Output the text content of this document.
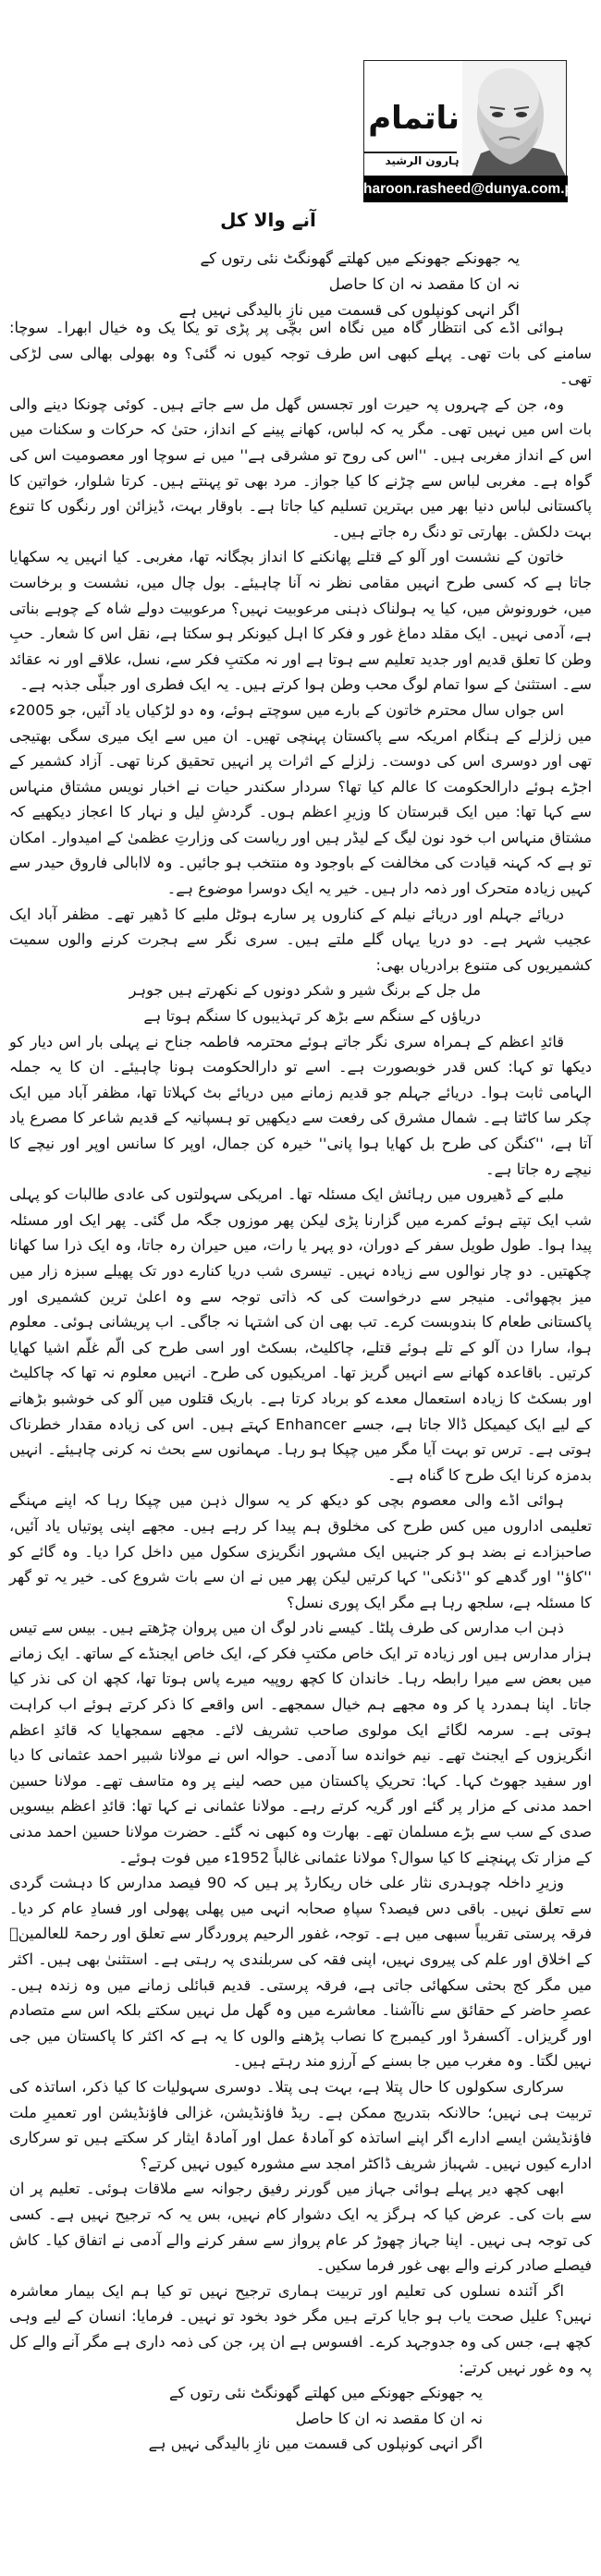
ناتمام
ہارون الرشید
haroon.rasheed@dunya.com.pk
آنے والا کل

یہ جھونکے جھونکے میں کھلتے گھونگٹ نئی رتوں کے

نہ ان کا مقصد نہ ان کا حاصل

اگر انہی کونپلوں کی قسمت میں نازِ بالیدگی نہیں ہے

ہوائی اڈے کی انتظار گاہ میں نگاہ اس بچّی پر پڑی تو یکا یک وہ خیال ابھرا۔ سوچا: سامنے کی بات تھی۔ پہلے کبھی اس طرف توجہ کیوں نہ گئی؟ وہ بھولی بھالی سی لڑکی تھی۔

وہ، جن کے چہروں پہ حیرت اور تجسس گھل مل سے جاتے ہیں۔ کوئی چونکا دینے والی بات اس میں نہیں تھی۔ مگر یہ کہ لباس، کھانے پینے کے انداز، حتیٰ کہ حرکات و سکنات میں اس کے انداز مغربی ہیں۔ ''اس کی روح تو مشرقی ہے'' میں نے سوچا اور معصومیت اس کی گواہ ہے۔ مغربی لباس سے چڑنے کا کیا جواز۔ مرد بھی تو پہنتے ہیں۔ کرتا شلوار، خواتین کا پاکستانی لباس دنیا بھر میں بہترین تسلیم کیا جاتا ہے۔ باوقار بہت، ڈیزائن اور رنگوں کا تنوع بہت دلکش۔ بھارتی تو دنگ رہ جاتے ہیں۔

خاتون کے نشست اور آلو کے قتلے پھانکنے کا انداز بچگانہ تھا، مغربی۔ کیا انہیں یہ سکھایا جاتا ہے کہ کسی طرح انہیں مقامی نظر نہ آنا چاہیئے۔ بول چال میں، نشست و برخاست میں، خورونوش میں، کیا یہ ہولناک ذہنی مرعوبیت نہیں؟ مرعوبیت دولے شاہ کے چوہے بناتی ہے، آدمی نہیں۔ ایک مقلد دماغ غور و فکر کا اہل کیونکر ہو سکتا ہے، نقل اس کا شعار۔ حبِ وطن کا تعلق قدیم اور جدید تعلیم سے ہوتا ہے اور نہ مکتبِ فکر سے، نسل، علاقے اور نہ عقائد سے۔ استثنیٰ کے سوا تمام لوگ محب وطن ہوا کرتے ہیں۔ یہ ایک فطری اور جبلّی جذبہ ہے۔

اس جواں سال محترم خاتون کے بارے میں سوچتے ہوئے، وہ دو لڑکیاں یاد آئیں، جو 2005ء میں زلزلے کے ہنگام امریکہ سے پاکستان پہنچی تھیں۔ ان میں سے ایک میری سگی بھتیجی تھی اور دوسری اس کی دوست۔ زلزلے کے اثرات پر انہیں تحقیق کرنا تھی۔ آزاد کشمیر کے اجڑے ہوئے دارالحکومت کا عالم کیا تھا؟ سردار سکندر حیات نے اخبار نویس مشتاق منہاس سے کہا تھا: میں ایک قبرستان کا وزیرِ اعظم ہوں۔ گردشِ لیل و نہار کا اعجاز دیکھیے کہ مشتاق منہاس اب خود نون لیگ کے لیڈر ہیں اور ریاست کی وزارتِ عظمیٰ کے امیدوار۔ امکان تو ہے کہ کہنہ قیادت کی مخالفت کے باوجود وہ منتخب ہو جائیں۔ وہ لاابالی فاروق حیدر سے کہیں زیادہ متحرک اور ذمہ دار ہیں۔ خیر یہ ایک دوسرا موضوع ہے۔

دریائے جہلم اور دریائے نیلم کے کناروں پر سارے ہوٹل ملبے کا ڈھیر تھے۔ مظفر آباد ایک عجیب شہر ہے۔ دو دریا یہاں گلے ملتے ہیں۔ سری نگر سے ہجرت کرنے والوں سمیت کشمیریوں کی متنوع برادریاں بھی:

مل جل کے برنگ شیر و شکر دونوں کے نکھرتے ہیں جوہر

دریاؤں کے سنگم سے بڑھ کر تہذیبوں کا سنگم ہوتا ہے

قائدِ اعظم کے ہمراہ سری نگر جاتے ہوئے محترمہ فاطمہ جناح نے پہلی بار اس دیار کو دیکھا تو کہا: کس قدر خوبصورت ہے۔ اسے تو دارالحکومت ہونا چاہیئے۔ ان کا یہ جملہ الہامی ثابت ہوا۔ دریائے جہلم جو قدیم زمانے میں دریائے بٹ کہلاتا تھا، مظفر آباد میں ایک چکر سا کاٹتا ہے۔ شمال مشرق کی رفعت سے دیکھیں تو ہسپانیہ کے قدیم شاعر کا مصرع یاد آتا ہے، ''کنگن کی طرح بل کھایا ہوا پانی'' خیرہ کن جمال، اوپر کا سانس اوپر اور نیچے کا نیچے رہ جاتا ہے۔

ملبے کے ڈھیروں میں رہائش ایک مسئلہ تھا۔ امریکی سہولتوں کی عادی طالبات کو پہلی شب ایک تپتے ہوئے کمرے میں گزارنا پڑی لیکن پھر موزوں جگہ مل گئی۔ پھر ایک اور مسئلہ پیدا ہوا۔ طول طویل سفر کے دوران، دو پہر یا رات، میں حیران رہ جاتا، وہ ایک ذرا سا کھانا چکھتیں۔ دو چار نوالوں سے زیادہ نہیں۔ تیسری شب دریا کنارے دور تک پھیلے سبزہ زار میں میز بچھوائی۔ منیجر سے درخواست کی کہ ذاتی توجہ سے وہ اعلیٰ ترین کشمیری اور پاکستانی طعام کا بندوبست کرے۔ تب بھی ان کی اشتہا نہ جاگی۔ اب پریشانی ہوئی۔ معلوم ہوا، سارا دن آلو کے تلے ہوئے قتلے، چاکلیٹ، بسکٹ اور اسی طرح کی الّم غلّم اشیا کھایا کرتیں۔ باقاعدہ کھانے سے انہیں گریز تھا۔ امریکیوں کی طرح۔ انہیں معلوم نہ تھا کہ چاکلیٹ اور بسکٹ کا زیادہ استعمال معدے کو برباد کرتا ہے۔ باریک قتلوں میں آلو کی خوشبو بڑھانے کے لیے ایک کیمیکل ڈالا جاتا ہے، جسے Enhancer کہتے ہیں۔ اس کی زیادہ مقدار خطرناک ہوتی ہے۔ ترس تو بہت آیا مگر میں چپکا ہو رہا۔ مہمانوں سے بحث نہ کرنی چاہیئے۔ انہیں بدمزہ کرنا ایک طرح کا گناہ ہے۔

ہوائی اڈے والی معصوم بچی کو دیکھ کر یہ سوال ذہن میں چپکا رہا کہ اپنے مہنگے تعلیمی اداروں میں کس طرح کی مخلوق ہم پیدا کر رہے ہیں۔ مجھے اپنی پوتیاں یاد آئیں، صاحبزادے نے بضد ہو کر جنہیں ایک مشہور انگریزی سکول میں داخل کرا دیا۔ وہ گائے کو ''کاؤ'' اور گدھے کو ''ڈنکی'' کہا کرتیں لیکن پھر میں نے ان سے بات شروع کی۔ خیر یہ تو گھر کا مسئلہ ہے، سلجھ رہا ہے مگر ایک پوری نسل؟

ذہن اب مدارس کی طرف پلٹا۔ کیسے نادر لوگ ان میں پروان چڑھتے ہیں۔ بیس سے تیس ہزار مدارس ہیں اور زیادہ تر ایک خاص مکتبِ فکر کے، ایک خاص ایجنڈے کے ساتھ۔ ایک زمانے میں بعض سے میرا رابطہ رہا۔ خاندان کا کچھ روپیہ میرے پاس ہوتا تھا، کچھ ان کی نذر کیا جاتا۔ اپنا ہمدرد پا کر وہ مجھے ہم خیال سمجھے۔ اس واقعے کا ذکر کرتے ہوئے اب کراہت ہوتی ہے۔ سرمہ لگائے ایک مولوی صاحب تشریف لائے۔ مجھے سمجھایا کہ قائدِ اعظم انگریزوں کے ایجنٹ تھے۔ نیم خواندہ سا آدمی۔ حوالہ اس نے مولانا شبیر احمد عثمانی کا دیا اور سفید جھوٹ کہا۔ کہا: تحریکِ پاکستان میں حصہ لینے پر وہ متاسف تھے۔ مولانا حسین احمد مدنی کے مزار پر گئے اور گریہ کرتے رہے۔ مولانا عثمانی نے کہا تھا: قائدِ اعظم بیسویں صدی کے سب سے بڑے مسلمان تھے۔ بھارت وہ کبھی نہ گئے۔ حضرت مولانا حسین احمد مدنی کے مزار تک پہنچنے کا کیا سوال؟ مولانا عثمانی غالباً 1952ء میں فوت ہوئے۔

وزیرِ داخلہ چوہدری نثار علی خاں ریکارڈ پر ہیں کہ 90 فیصد مدارس کا دہشت گردی سے تعلق نہیں۔ باقی دس فیصد؟ سپاہِ صحابہ انہی میں پھلی پھولی اور فسادِ عام کر دیا۔ فرقہ پرستی تقریباً سبھی میں ہے۔ توجہ، غفور الرحیم پروردگار سے تعلق اور رحمۃ للعالمینؐ کے اخلاق اور علم کی پیروی نہیں، اپنی فقہ کی سربلندی پہ رہتی ہے۔ استثنیٰ بھی ہیں۔ اکثر میں مگر کج بحثی سکھائی جاتی ہے، فرقہ پرستی۔ قدیم قبائلی زمانے میں وہ زندہ ہیں۔ عصرِ حاضر کے حقائق سے ناآشنا۔ معاشرے میں وہ گھل مل نہیں سکتے بلکہ اس سے متصادم اور گریزاں۔ آکسفرڈ اور کیمبرج کا نصاب پڑھنے والوں کا یہ ہے کہ اکثر کا پاکستان میں جی نہیں لگتا۔ وہ مغرب میں جا بسنے کے آرزو مند رہتے ہیں۔

سرکاری سکولوں کا حال پتلا ہے، بہت ہی پتلا۔ دوسری سہولیات کا کیا ذکر، اساتذہ کی تربیت ہی نہیں؛ حالانکہ بتدریج ممکن ہے۔ ریڈ فاؤنڈیشن، غزالی فاؤنڈیشن اور تعمیرِ ملت فاؤنڈیشن ایسے ادارے اگر اپنے اساتذہ کو آمادۂ عمل اور آمادۂ ایثار کر سکتے ہیں تو سرکاری ادارے کیوں نہیں۔ شہباز شریف ڈاکٹر امجد سے مشورہ کیوں نہیں کرتے؟

ابھی کچھ دیر پہلے ہوائی جہاز میں گورنر رفیق رجوانہ سے ملاقات ہوئی۔ تعلیم پر ان سے بات کی۔ عرض کیا کہ ہرگز یہ ایک دشوار کام نہیں، بس یہ کہ ترجیح نہیں ہے۔ کسی کی توجہ ہی نہیں۔ اپنا جہاز چھوڑ کر عام پرواز سے سفر کرنے والے آدمی نے اتفاق کیا۔ کاش فیصلے صادر کرنے والے بھی غور فرما سکیں۔

اگر آئندہ نسلوں کی تعلیم اور تربیت ہماری ترجیح نہیں تو کیا ہم ایک بیمار معاشرہ نہیں؟ علیل صحت یاب ہو جایا کرتے ہیں مگر خود بخود تو نہیں۔ فرمایا: انسان کے لیے وہی کچھ ہے، جس کی وہ جدوجہد کرے۔ افسوس ہے ان پر، جن کی ذمہ داری ہے مگر آنے والے کل پہ وہ غور نہیں کرتے:

یہ جھونکے جھونکے میں کھلتے گھونگٹ نئی رتوں کے

نہ ان کا مقصد نہ ان کا حاصل

اگر انہی کونپلوں کی قسمت میں نازِ بالیدگی نہیں ہے
